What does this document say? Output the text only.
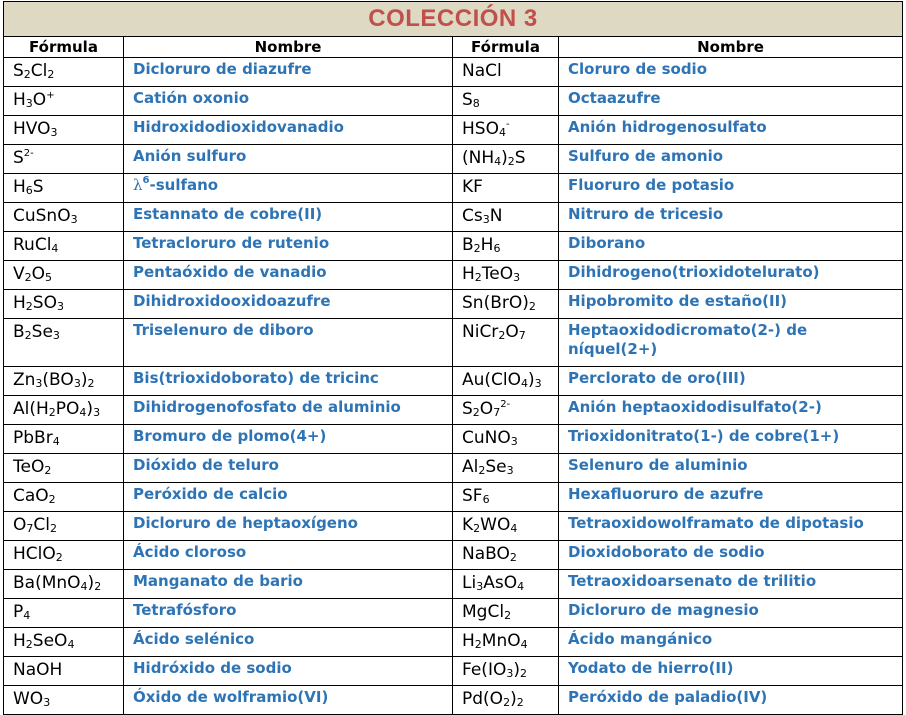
COLECCIÓN 3			
Fórmula	Nombre	Fórmula	Nombre
$S_2Cl_2$	Dicloruro de diazufre	NaCl	Cloruro de sodio
$H_3O^+$	Catión oxonio	$S_8$	Octaazufre
$HVO_3$	Hidroxidodioxidovanadio	$HSO_4^-$	Anión hidrogenosulfato
$S^{2-}$	Anión sulfuro	$(NH_4)_2S$	Sulfuro de amonio
$H_6S$	$\lambda^6$-sulfano	KF	Fluoruro de potasio
CuSnO$_3$	Estannato de cobre(II)	$Cs_3N$	Nitruro de tricesio
RuCl$_4$	Tetracloruro de rutenio	$B_2H_6$	Diborano
$V_2O_5$	Pentaóxido de vanadio	$H_2TeO_3$	Dihidrogeno(trioxidotelurato)
$H_2SO_3$	Dihidroxidooxidoazufre	$Sn(BrO)_2$	Hipobromito de estaño(II)
$B_2Se_3$	Triselenuro de diboro	$NiCr_2O_7$	Heptaoxidodicromato(2-) de níquel(2+)
$Zn_3(BO_3)_2$	Bis(trioxidoborato) de tricinc	$Au(ClO_4)_3$	Perclorato de oro(III)
$Al(H_2PO_4)_3$	Dihidrogenofosfato de aluminio	$S_2O_7^{2-}$	Anión heptaoxidodisulfato(2-)
PbBr$_4$	Bromuro de plomo(4+)	CuNO$_3$	Trioxidonitrato(1-) de cobre(1+)
TeO$_2$	Dióxido de teluro	$Al_2Se_3$	Selenuro de aluminio
CaO$_2$	Peróxido de calcio	$SF_6$	Hexafluoruro de azufre
$O_7Cl_2$	Dicloruro de heptaoxígeno	$K_2WO_4$	Tetraoxidowolframato de dipotasio
HClO$_2$	Ácido cloroso	NaBO$_2$	Dioxidoborato de sodio
$Ba(MnO_4)_2$	Manganato de bario	$Li_3AsO_4$	Tetraoxidoarsenato de trilitio
$P_4$	Tetrafósforo	MgCl$_2$	Dicloruro de magnesio
$H_2SeO_4$	Ácido selénico	$H_2MnO_4$	Ácido mangánico
NaOH	Hidróxido de sodio	$Fe(IO_3)_2$	Yodato de hierro(II)
$WO_3$	Óxido de wolframio(VI)	$Pd(O_2)_2$	Peróxido de paladio(IV)
